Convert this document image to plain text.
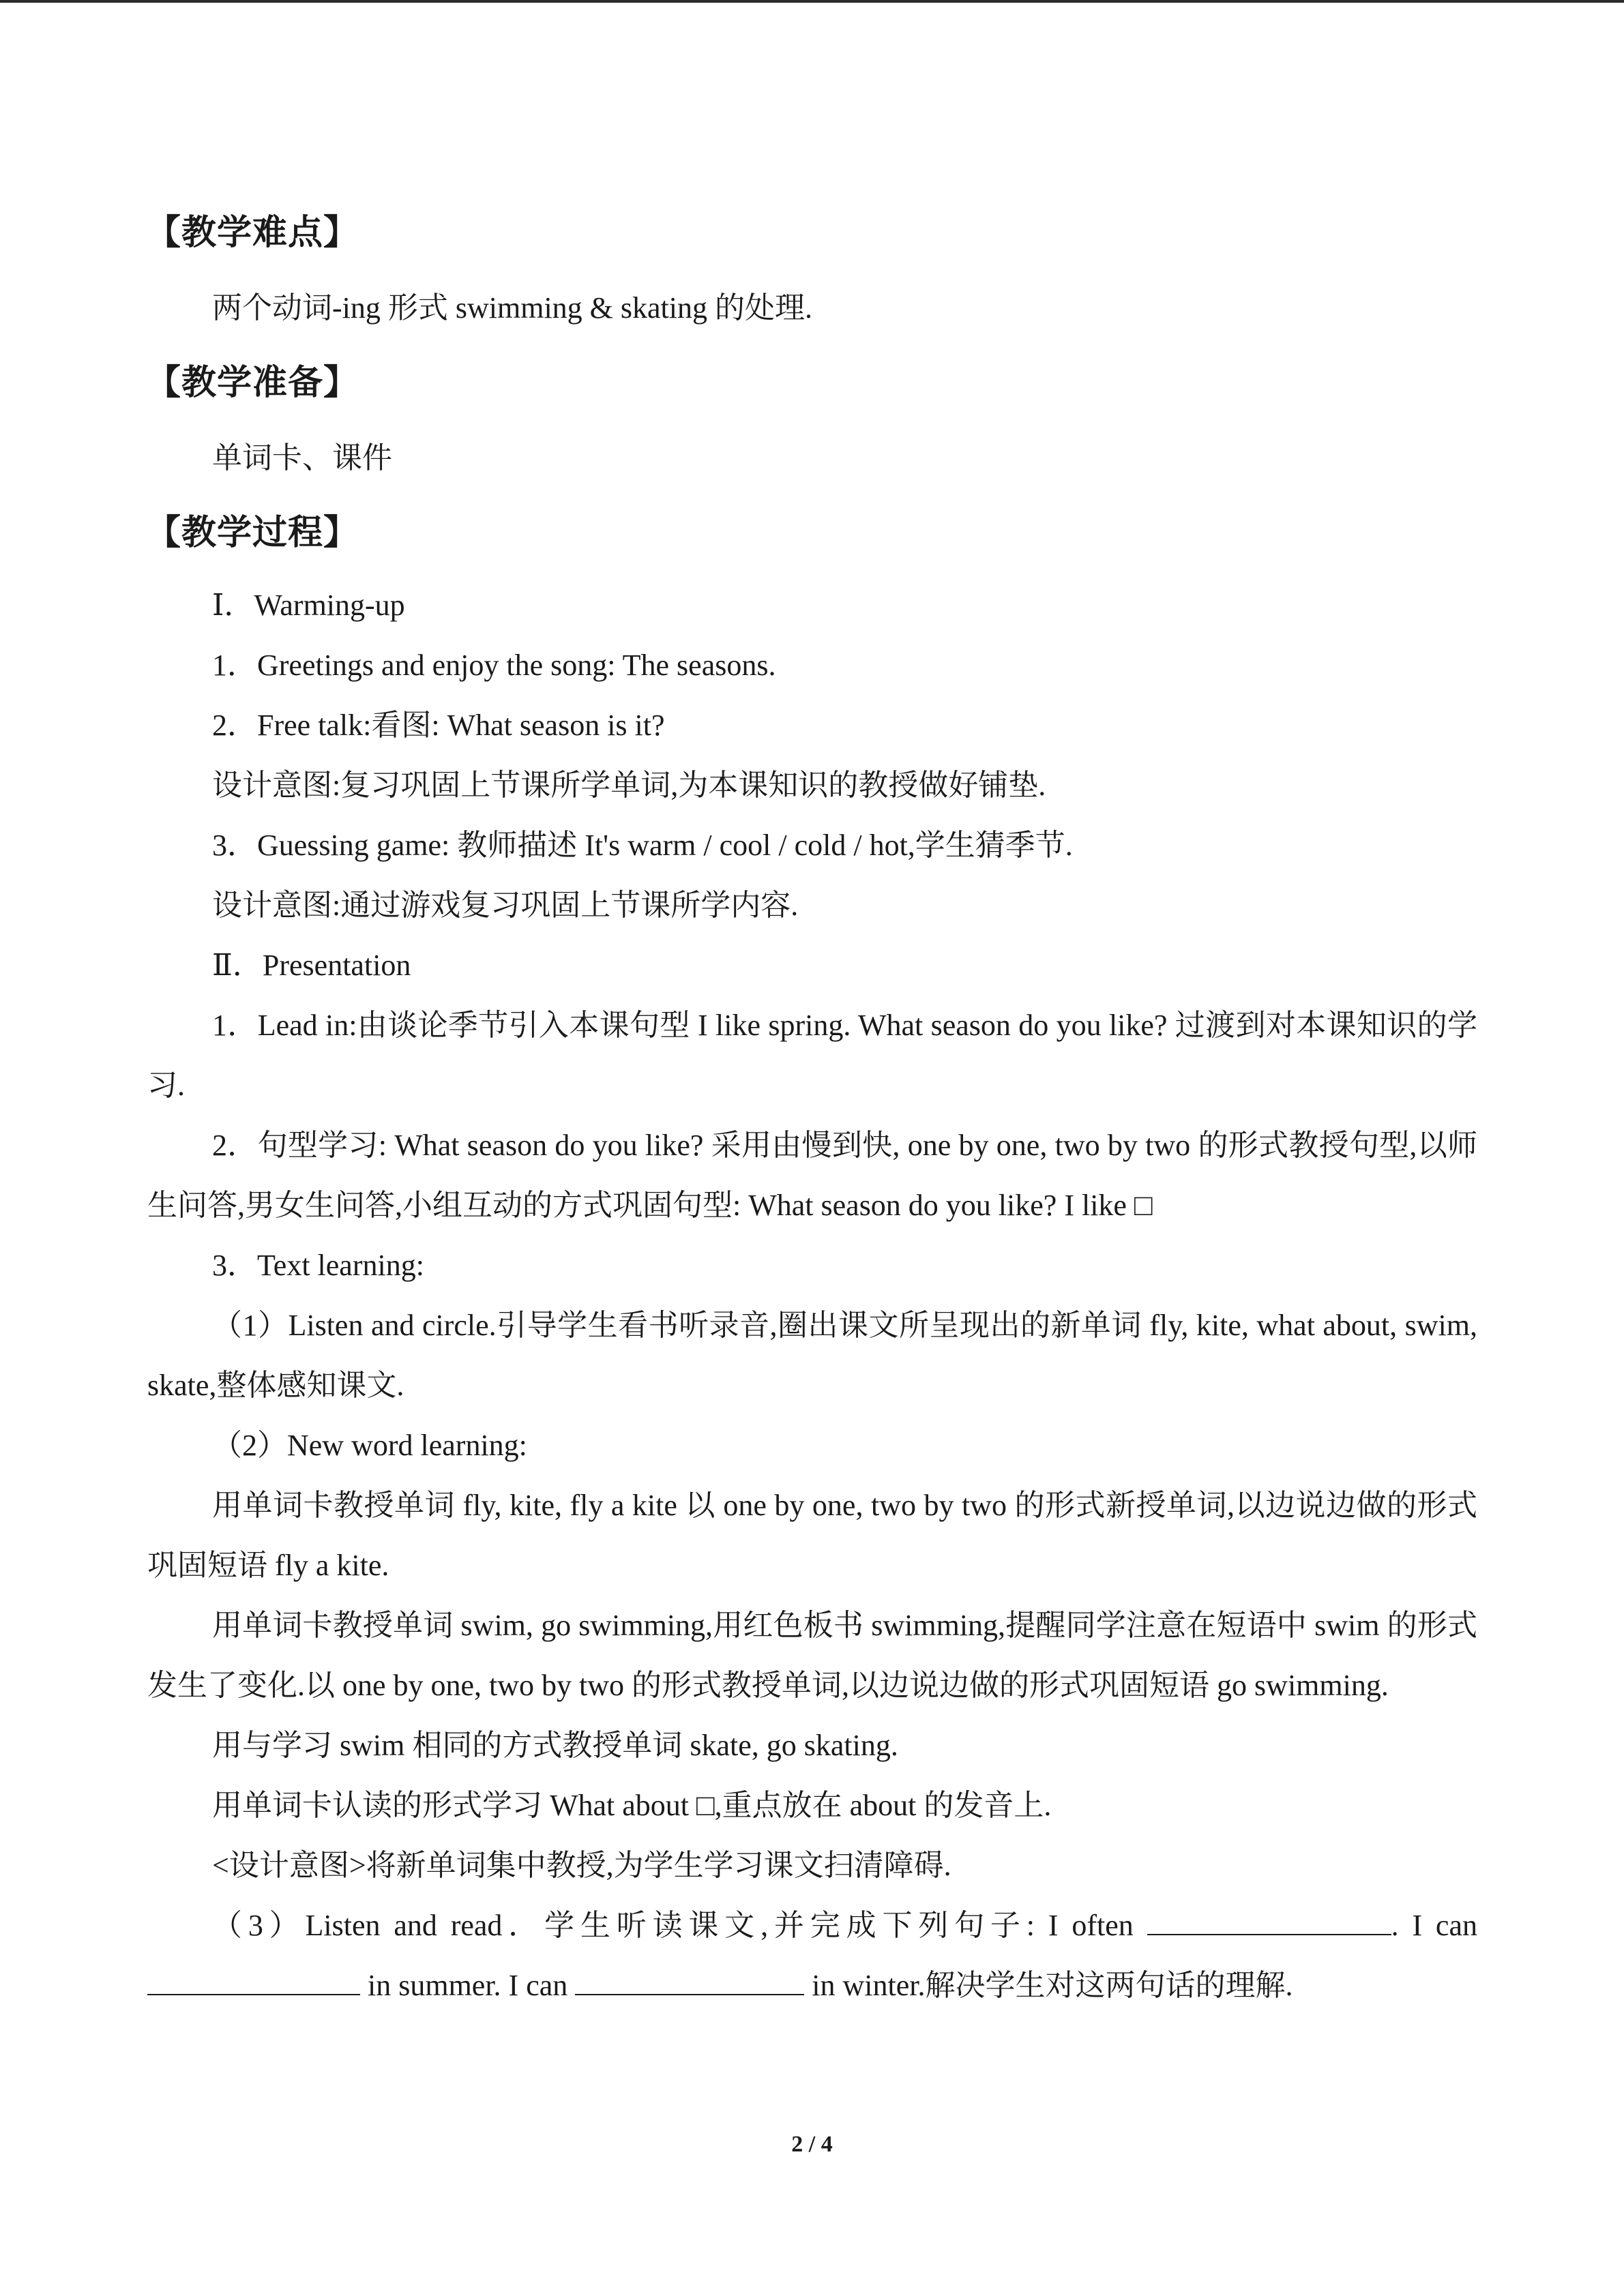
【教学难点】

两个动词-ing 形式 swimming & skating 的处理.

【教学准备】

单词卡、课件

【教学过程】

Ⅰ．Warming-up

1．Greetings and enjoy the song: The seasons.

2．Free talk:看图: What season is it?

设计意图:复习巩固上节课所学单词,为本课知识的教授做好铺垫.

3．Guessing game: 教师描述 It's warm / cool / cold / hot,学生猜季节.

设计意图:通过游戏复习巩固上节课所学内容.

Ⅱ．Presentation

1．Lead in:由谈论季节引入本课句型 I like spring. What season do you like? 过渡到对本课知识的学习.

2．句型学习: What season do you like? 采用由慢到快, one by one, two by two 的形式教授句型,以师生问答,男女生问答,小组互动的方式巩固句型: What season do you like? I like □

3．Text learning:

（1）Listen and circle.引导学生看书听录音,圈出课文所呈现出的新单词 fly, kite, what about, swim, skate,整体感知课文.

（2）New word learning:

用单词卡教授单词 fly, kite, fly a kite 以 one by one, two by two 的形式新授单词,以边说边做的形式巩固短语 fly a kite.

用单词卡教授单词 swim, go swimming,用红色板书 swimming,提醒同学注意在短语中 swim 的形式发生了变化.以 one by one, two by two 的形式教授单词,以边说边做的形式巩固短语 go swimming.

用与学习 swim 相同的方式教授单词 skate, go skating.

用单词卡认读的形式学习 What about □,重点放在 about 的发音上.

<设计意图>将新单词集中教授,为学生学习课文扫清障碍.

（3）Listen and read．学生听读课文,并完成下列句子: I often	. I can  in summer. I can	in winter.解决学生对这两句话的理解.

2 / 4
